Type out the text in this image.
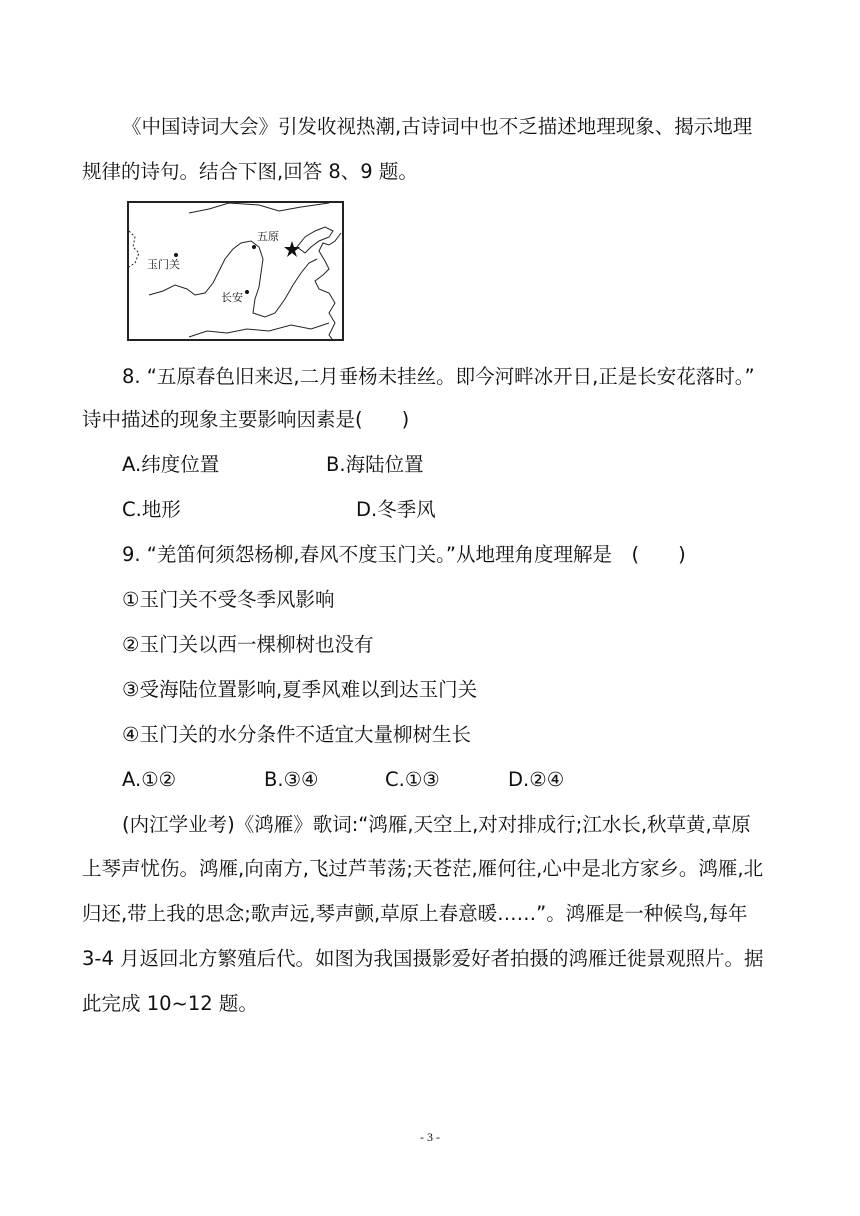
《中国诗词大会》引发收视热潮,古诗词中也不乏描述地理现象、揭示地理
规律的诗句。结合下图,回答 8、9 题。
五原
玉门关
长安
8. “五原春色旧来迟,二月垂杨未挂丝。即今河畔冰开日,正是长安花落时。”
诗中描述的现象主要影响因素是(　　)
A.纬度位置	B.海陆位置
C.地形	D.冬季风
9. “羌笛何须怨杨柳,春风不度玉门关。”从地理角度理解是　(　　)
①玉门关不受冬季风影响
②玉门关以西一棵柳树也没有
③受海陆位置影响,夏季风难以到达玉门关
④玉门关的水分条件不适宜大量柳树生长
A.①②	B.③④	C.①③	D.②④
(内江学业考)《鸿雁》歌词:“鸿雁,天空上,对对排成行;江水长,秋草黄,草原
上琴声忧伤。鸿雁,向南方,飞过芦苇荡;天苍茫,雁何往,心中是北方家乡。鸿雁,北
归还,带上我的思念;歌声远,琴声颤,草原上春意暖……”。鸿雁是一种候鸟,每年
3-4 月返回北方繁殖后代。如图为我国摄影爱好者拍摄的鸿雁迁徙景观照片。据
此完成 10~12 题。
- 3 -
